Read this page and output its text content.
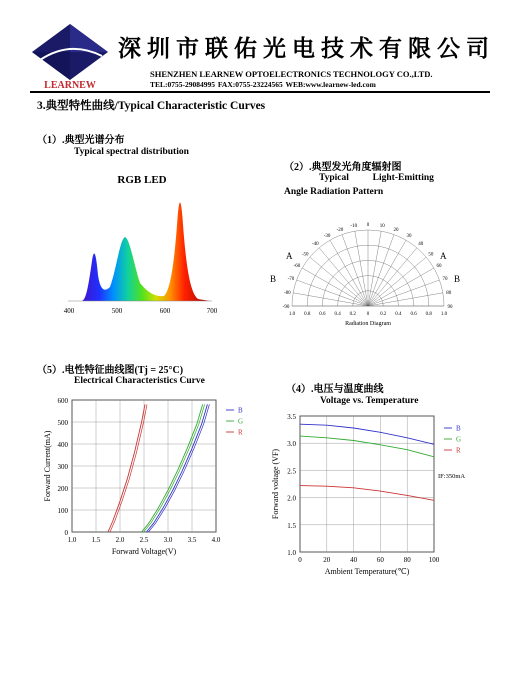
LEARNEW
深圳市联佑光电技术有限公司
SHENZHEN LEARNEW OPTOELECTRONICS TECHNOLOGY CO.,LTD.
TEL:0755-29084995 FAX:0755-23224565 WEB:www.learnew-led.com
3.典型特性曲线/Typical Characteristic Curves
（1）.典型光谱分布
Typical spectral distribution
RGB LED
400	500	600	700
（2）.典型发光角度辐射图
Typical          Light-Emitting
Angle Radiation Pattern
0
-10
-20
-30
-40
-50
-60
-70
-80
-90
10
20
30
40
50
60
70
80
90
1.0 0.8 0.6 0.4 0.2 0 0.2 0.4 0.6 0.8 1.0
A	A
B	B
Radiation Diagram
（5）.电性特征曲线图(Tj = 25°C)
Electrical Characteristics Curve
0
100
200
300
400
500
600
1.0 1.5 2.0 2.5 3.0 3.5 4.0
Forward Current(mA)
Forward Voltage(V)
B
G
R
（4）.电压与温度曲线
Voltage vs. Temperature
1.0
1.5
2.0
2.5
3.0
3.5
0	20	40	60	80	100
Forward voltage (VF)
Ambient Temperature(℃)
B
G
R
IF:350mA
